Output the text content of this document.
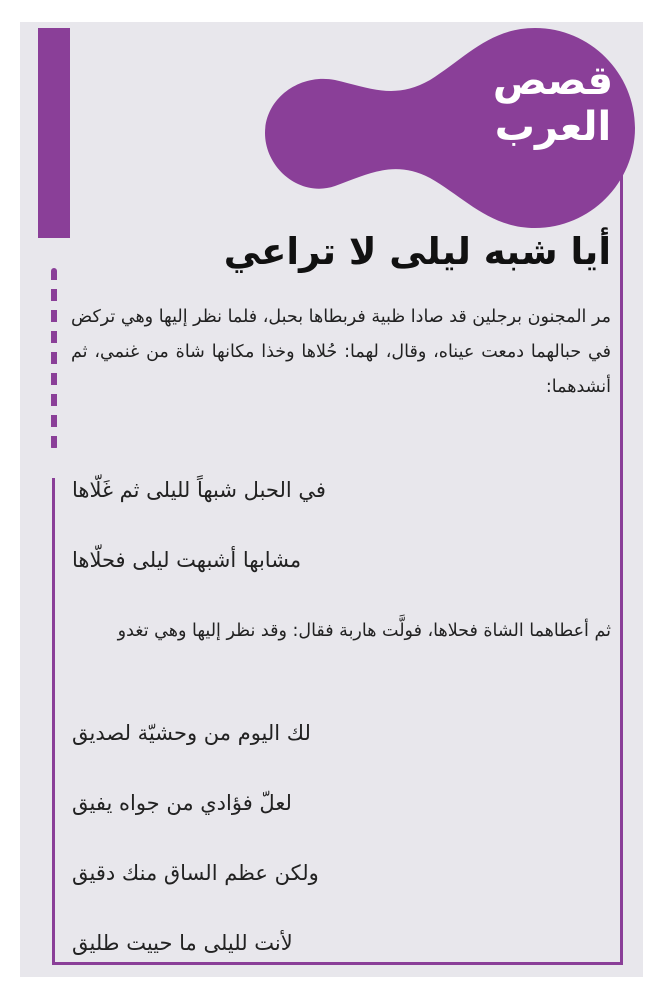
قصص
العرب
أيا شبه ليلى لا تراعي
مر المجنون برجلين قد صادا ظبية فربطاها بحبل، فلما نظر إليها وهي تركض في حبالهما دمعت عيناه، وقال، لهما: حُلاها وخذا مكانها شاة من غنمي، ثم أنشدهما:
في الحبل شبهاً لليلى ثم غَلّاها
مشابها أشبهت ليلى فحلّاها
ثم أعطاهما الشاة فحلاها، فولَّت هاربة فقال: وقد نظر إليها وهي تغدو
لك اليوم من وحشيّة لصديق
لعلّ فؤادي من جواه يفيق
ولكن عظم الساق منك دقيق
لأنت لليلى ما حييت طليق
